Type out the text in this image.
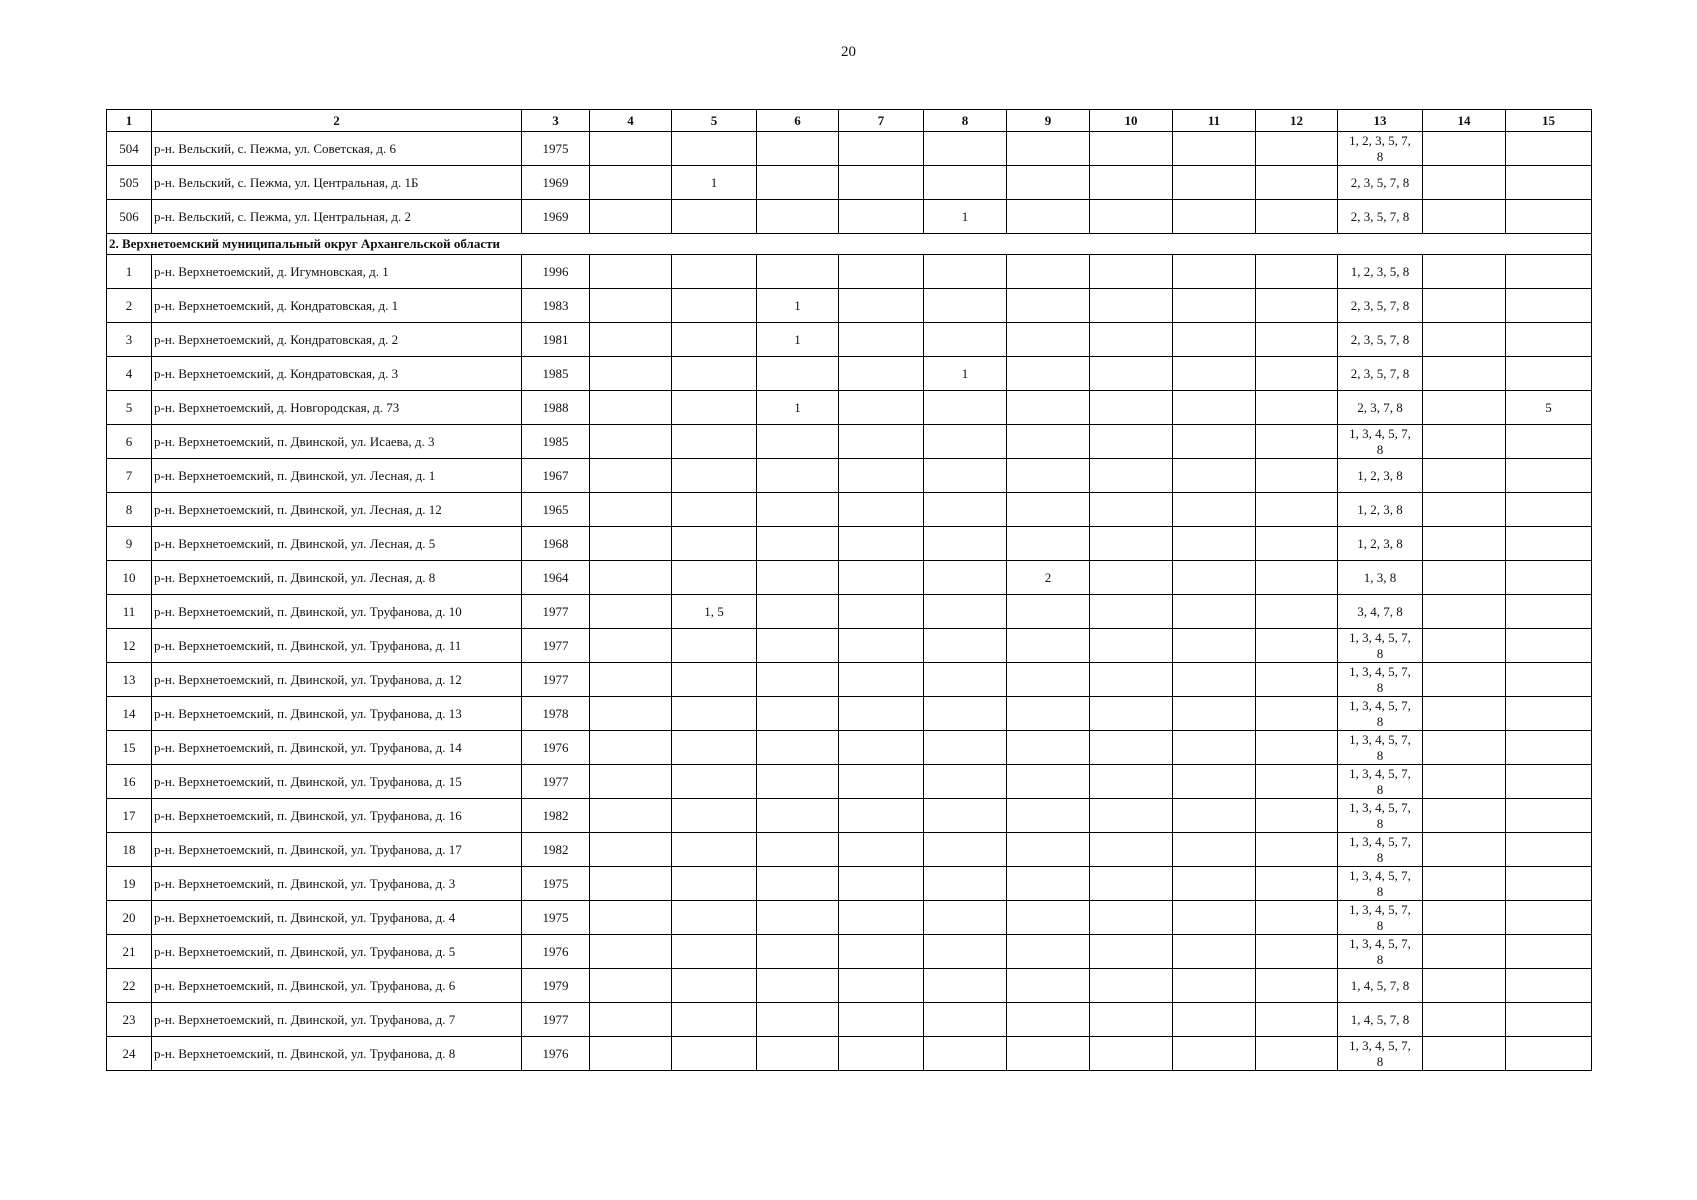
20
1	2	3	4	5	6	7	8	9	10	11	12	13	14	15
504	р-н. Вельский, с. Пежма, ул. Советская, д. 6	1975										1, 2, 3, 5, 7, 8		
505	р-н. Вельский, с. Пежма, ул. Центральная, д. 1Б	1969		1								2, 3, 5, 7, 8		
506	р-н. Вельский, с. Пежма, ул. Центральная, д. 2	1969					1					2, 3, 5, 7, 8		
2. Верхнетоемский муниципальный округ Архангельской области														
1	р-н. Верхнетоемский, д. Игумновская, д. 1	1996										1, 2, 3, 5, 8		
2	р-н. Верхнетоемский, д. Кондратовская, д. 1	1983			1							2, 3, 5, 7, 8		
3	р-н. Верхнетоемский, д. Кондратовская, д. 2	1981			1							2, 3, 5, 7, 8		
4	р-н. Верхнетоемский, д. Кондратовская, д. 3	1985					1					2, 3, 5, 7, 8		
5	р-н. Верхнетоемский, д. Новгородская, д. 73	1988			1							2, 3, 7, 8		5
6	р-н. Верхнетоемский, п. Двинской, ул. Исаева, д. 3	1985										1, 3, 4, 5, 7, 8		
7	р-н. Верхнетоемский, п. Двинской, ул. Лесная, д. 1	1967										1, 2, 3, 8		
8	р-н. Верхнетоемский, п. Двинской, ул. Лесная, д. 12	1965										1, 2, 3, 8		
9	р-н. Верхнетоемский, п. Двинской, ул. Лесная, д. 5	1968										1, 2, 3, 8		
10	р-н. Верхнетоемский, п. Двинской, ул. Лесная, д. 8	1964						2				1, 3, 8		
11	р-н. Верхнетоемский, п. Двинской, ул. Труфанова, д. 10	1977		1, 5								3, 4, 7, 8		
12	р-н. Верхнетоемский, п. Двинской, ул. Труфанова, д. 11	1977										1, 3, 4, 5, 7, 8		
13	р-н. Верхнетоемский, п. Двинской, ул. Труфанова, д. 12	1977										1, 3, 4, 5, 7, 8		
14	р-н. Верхнетоемский, п. Двинской, ул. Труфанова, д. 13	1978										1, 3, 4, 5, 7, 8		
15	р-н. Верхнетоемский, п. Двинской, ул. Труфанова, д. 14	1976										1, 3, 4, 5, 7, 8		
16	р-н. Верхнетоемский, п. Двинской, ул. Труфанова, д. 15	1977										1, 3, 4, 5, 7, 8		
17	р-н. Верхнетоемский, п. Двинской, ул. Труфанова, д. 16	1982										1, 3, 4, 5, 7, 8		
18	р-н. Верхнетоемский, п. Двинской, ул. Труфанова, д. 17	1982										1, 3, 4, 5, 7, 8		
19	р-н. Верхнетоемский, п. Двинской, ул. Труфанова, д. 3	1975										1, 3, 4, 5, 7, 8		
20	р-н. Верхнетоемский, п. Двинской, ул. Труфанова, д. 4	1975										1, 3, 4, 5, 7, 8		
21	р-н. Верхнетоемский, п. Двинской, ул. Труфанова, д. 5	1976										1, 3, 4, 5, 7, 8		
22	р-н. Верхнетоемский, п. Двинской, ул. Труфанова, д. 6	1979										1, 4, 5, 7, 8		
23	р-н. Верхнетоемский, п. Двинской, ул. Труфанова, д. 7	1977										1, 4, 5, 7, 8		
24	р-н. Верхнетоемский, п. Двинской, ул. Труфанова, д. 8	1976										1, 3, 4, 5, 7, 8		
